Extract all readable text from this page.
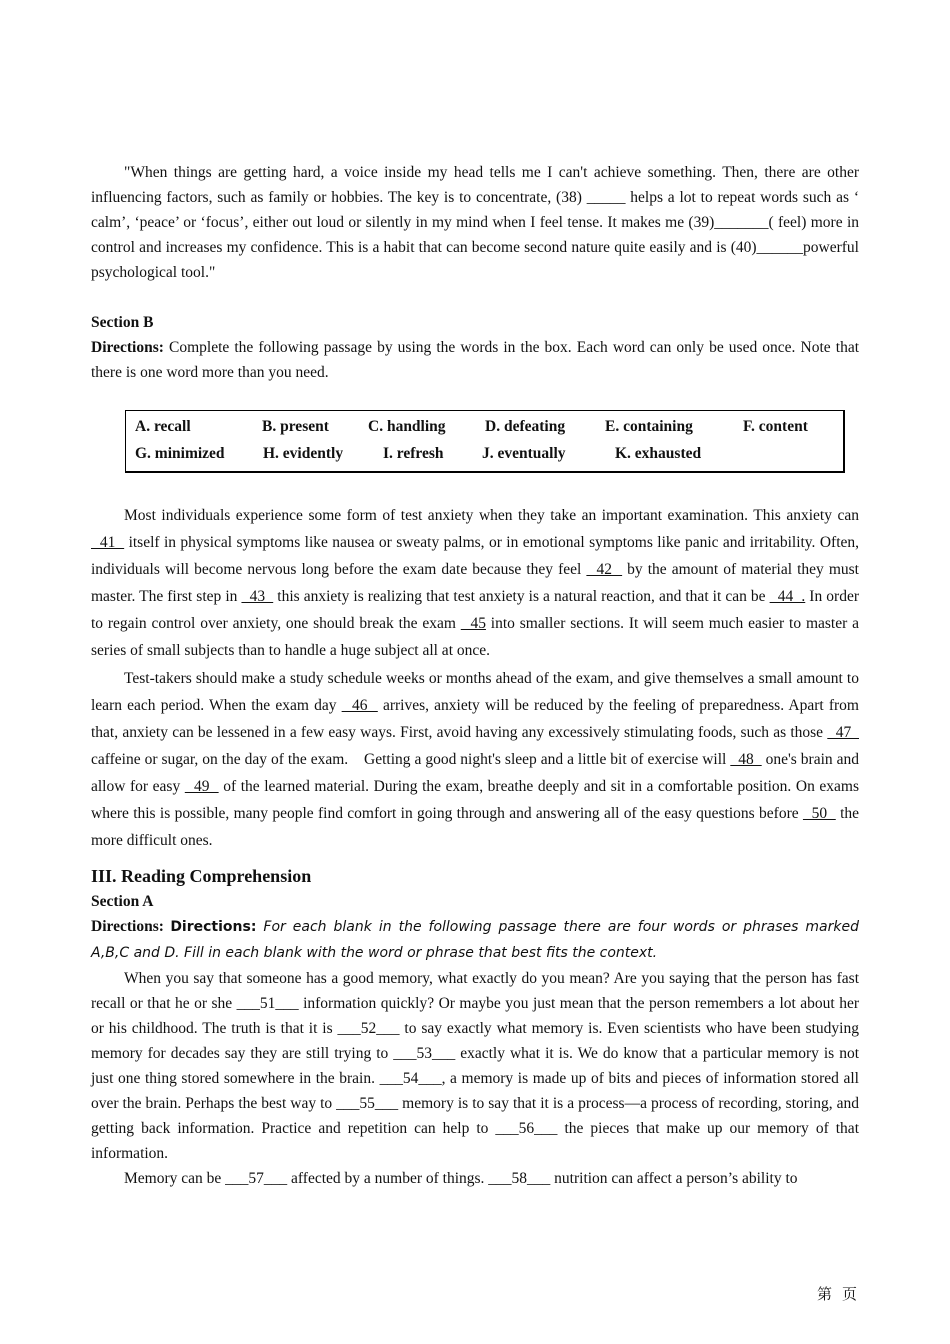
"When things are getting hard, a voice inside my head tells me I can't achieve something. Then, there are other influencing factors, such as family or hobbies. The key is to concentrate, (38) _____ helps a lot to repeat words such as ‘ calm’, ‘peace’ or ‘focus’, either out loud or silently in my mind when I feel tense. It makes me (39)_______( feel) more in control and increases my confidence. This is a habit that can become second nature quite easily and is (40)______powerful psychological tool."

Section B

Directions: Complete the following passage by using the words in the box. Each word can only be used once. Note that there is one word more than you need.

A. recall	B. present	C. handling	D. defeating	E. containing	F. content
G. minimized H. evidently	I. refresh J. eventually	K. exhausted

Most individuals experience some form of test anxiety when they take an important examination. This anxiety can   41   itself in physical symptoms like nausea or sweaty palms, or in emotional symptoms like panic and irritability. Often, individuals will become nervous long before the exam date because they feel   42   by the amount of material they must master. The first step in   43   this anxiety is realizing that test anxiety is a natural reaction, and that it can be   44  . In order to regain control over anxiety, one should break the exam   45 into smaller sections. It will seem much easier to master a series of small subjects than to handle a huge subject all at once.

Test-takers should make a study schedule weeks or months ahead of the exam, and give themselves a small amount to learn each period. When the exam day   46   arrives, anxiety will be reduced by the feeling of preparedness. Apart from that, anxiety can be lessened in a few easy ways. First, avoid having any excessively stimulating foods, such as those   47   caffeine or sugar, on the day of the exam.    Getting a good night's sleep and a little bit of exercise will   48   one's brain and allow for easy   49   of the learned material. During the exam, breathe deeply and sit in a comfortable position. On exams where this is possible, many people find comfort in going through and answering all of the easy questions before   50   the more difficult ones.

III. Reading Comprehension

Section A

Directions: Directions: For each blank in the following passage there are four words or phrases marked A,B,C and D. Fill in each blank with the word or phrase that best fits the context.

When you say that someone has a good memory, what exactly do you mean? Are you saying that the person has fast recall or that he or she ___51___ information quickly? Or maybe you just mean that the person remembers a lot about her or his childhood. The truth is that it is ___52___ to say exactly what memory is. Even scientists who have been studying memory for decades say they are still trying to ___53___ exactly what it is. We do know that a particular memory is not just one thing stored somewhere in the brain. ___54___, a memory is made up of bits and pieces of information stored all over the brain. Perhaps the best way to ___55___ memory is to say that it is a process—a process of recording, storing, and getting back information. Practice and repetition can help to ___56___ the pieces that make up our memory of that information.

Memory can be ___57___ affected by a number of things. ___58___ nutrition can affect a person’s ability to

第 页
